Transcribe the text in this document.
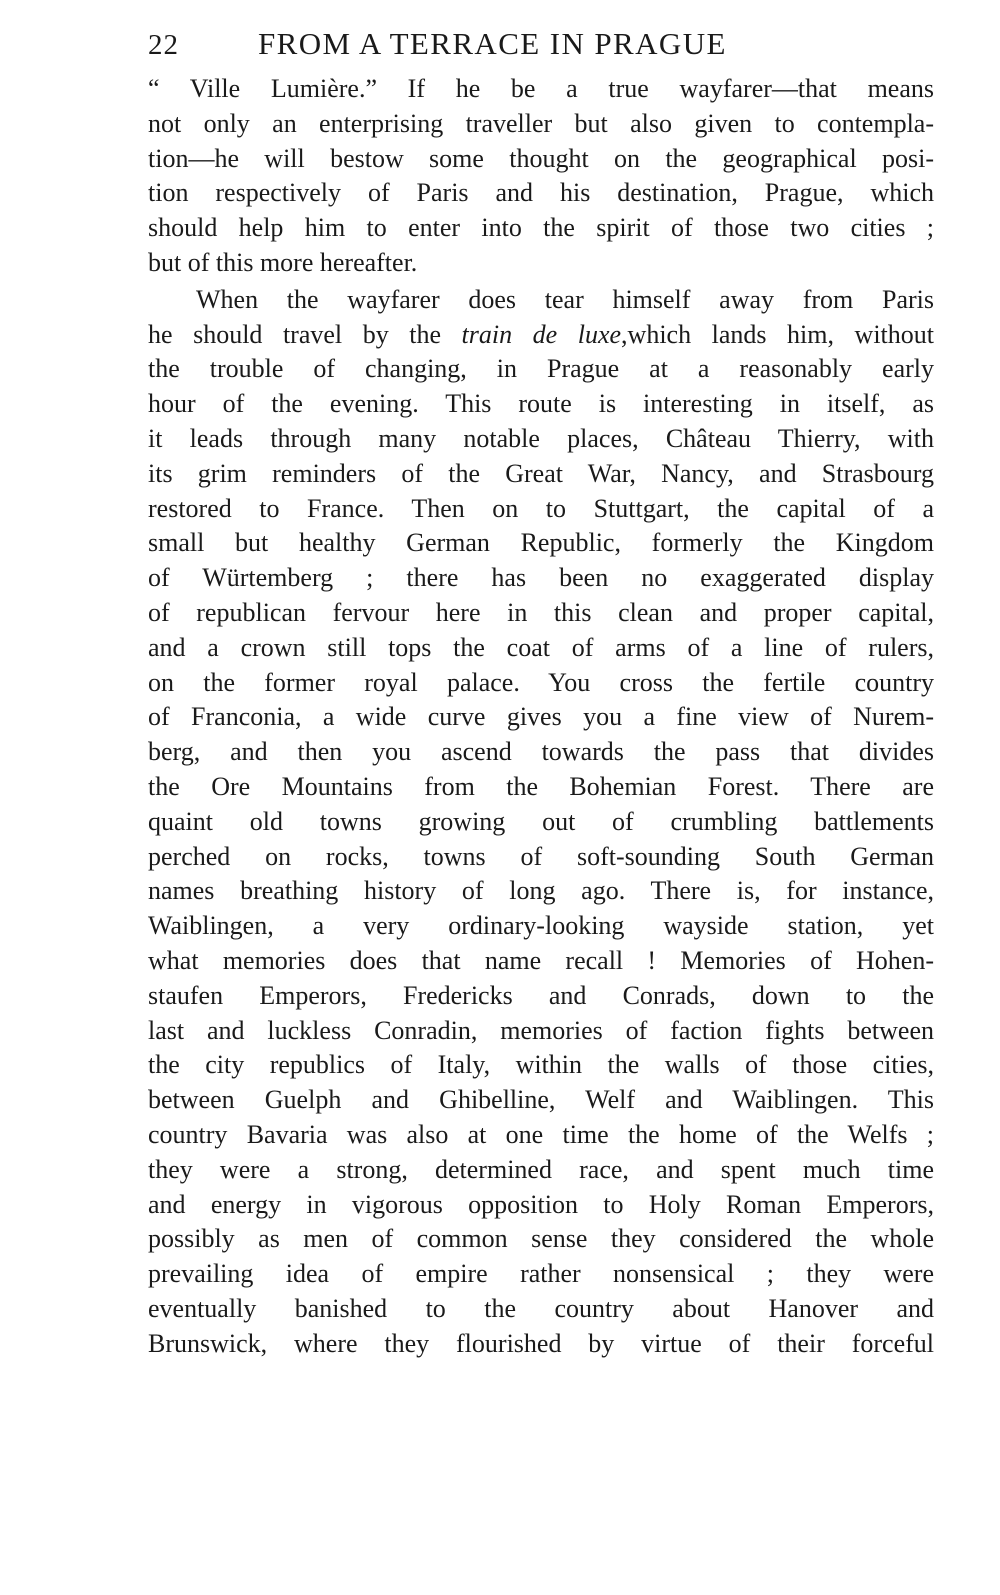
22	FROM A TERRACE IN PRAGUE
“ Ville Lumière.” If he be a true wayfarer—that means
not only an enterprising traveller but also given to contempla-
tion—he will bestow some thought on the geographical posi-
tion respectively of Paris and his destination, Prague, which
should help him to enter into the spirit of those two cities ;
but of this more hereafter.
When the wayfarer does tear himself away from Paris
he should travel by the train de luxe,which lands him, without
the trouble of changing, in Prague at a reasonably early
hour of the evening. This route is interesting in itself, as
it leads through many notable places, Château Thierry, with
its grim reminders of the Great War, Nancy, and Strasbourg
restored to France. Then on to Stuttgart, the capital of a
small but healthy German Republic, formerly the Kingdom
of Würtemberg ; there has been no exaggerated display
of republican fervour here in this clean and proper capital,
and a crown still tops the coat of arms of a line of rulers,
on the former royal palace. You cross the fertile country
of Franconia, a wide curve gives you a fine view of Nurem-
berg, and then you ascend towards the pass that divides
the Ore Mountains from the Bohemian Forest. There are
quaint old towns growing out of crumbling battlements
perched on rocks, towns of soft-sounding South German
names breathing history of long ago. There is, for instance,
Waiblingen, a very ordinary-looking wayside station, yet
what memories does that name recall ! Memories of Hohen-
staufen Emperors, Fredericks and Conrads, down to the
last and luckless Conradin, memories of faction fights between
the city republics of Italy, within the walls of those cities,
between Guelph and Ghibelline, Welf and Waiblingen. This
country Bavaria was also at one time the home of the Welfs ;
they were a strong, determined race, and spent much time
and energy in vigorous opposition to Holy Roman Emperors,
possibly as men of common sense they considered the whole
prevailing idea of empire rather nonsensical ; they were
eventually banished to the country about Hanover and
Brunswick, where they flourished by virtue of their forceful
